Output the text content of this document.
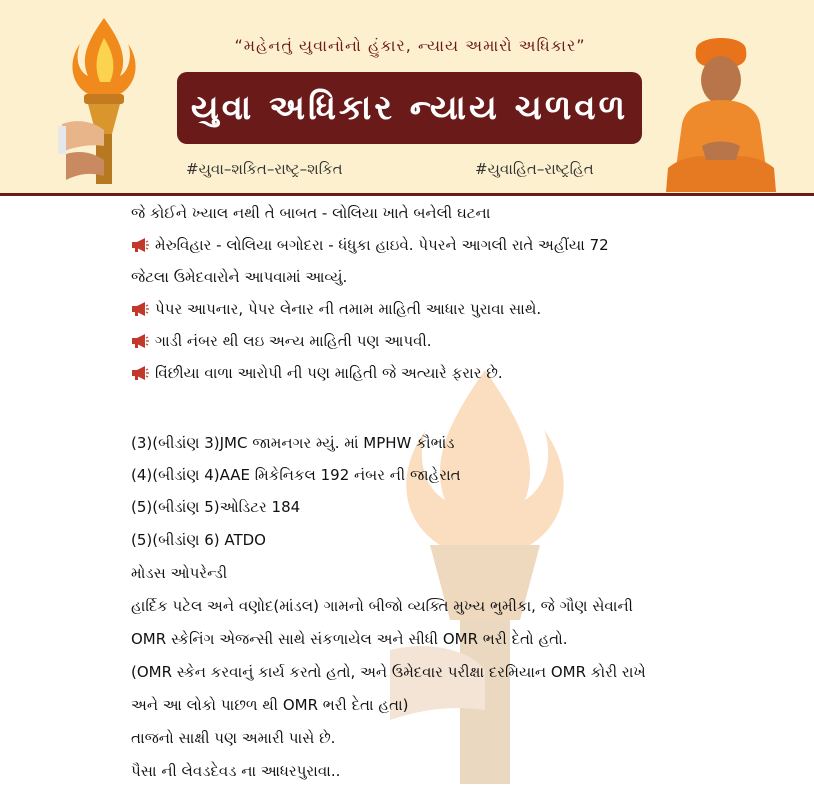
“મહેનતું યુવાનોનો હુંકાર, ન્યાય અમારો અધિકાર”
યુવા અધિકાર ન્યાય ચળવળ
#યુવા–શકિત–રાષ્ટ્ર–શકિત	#યુવાહિત–રાષ્ટ્રહિત
જે કોઈને ખ્યાલ નથી તે બાબત - લોલિયા ખાતે બનેલી ઘટના
મેરુવિહાર - લોલિયા બગોદરા - ધંધુકા હાઇવે. પેપરને આગલી રાતે અહીંયા 72
જેટલા ઉમેદવારોને આપવામાં આવ્યું.
પેપર આપનાર, પેપર લેનાર ની તમામ માહિતી આધાર પુરાવા સાથે.
ગાડી નંબર થી લઇ અન્ય માહિતી પણ આપવી.
વિંછીયા વાળા આરોપી ની પણ માહિતી જે અત્યારે ફરાર છે.
(3)(બીડાંણ 3)JMC જામનગર મ્યું. માં MPHW કૌભાંડ
(4)(બીડાંણ 4)AAE મિકેનિકલ 192 નંબર ની જાહેરાત
(5)(બીડાંણ 5)ઓડિટર 184
(5)(બીડાંણ 6) ATDO
મોડસ ઓપરેન્ડી
હાર્દિક પટેલ અને વણોદ(માંડલ) ગામનો બીજો વ્યક્તિ મુખ્ય ભુમીકા, જે ગૌણ સેવાની
OMR સ્કેનિંગ એજન્સી સાથે સંકળાયેલ અને સીધી OMR ભરી દેતો હતો.
(OMR સ્કેન કરવાનું કાર્ય કરતો હતો, અને ઉમેદવાર પરીક્ષા દરમિયાન OMR કોરી રાખે
અને આ લોકો પાછળ થી OMR ભરી દેતા હતા)
તાજનો સાક્ષી પણ અમારી પાસે છે.
પૈસા ની લેવડદેવડ ના આધરપુરાવા..
